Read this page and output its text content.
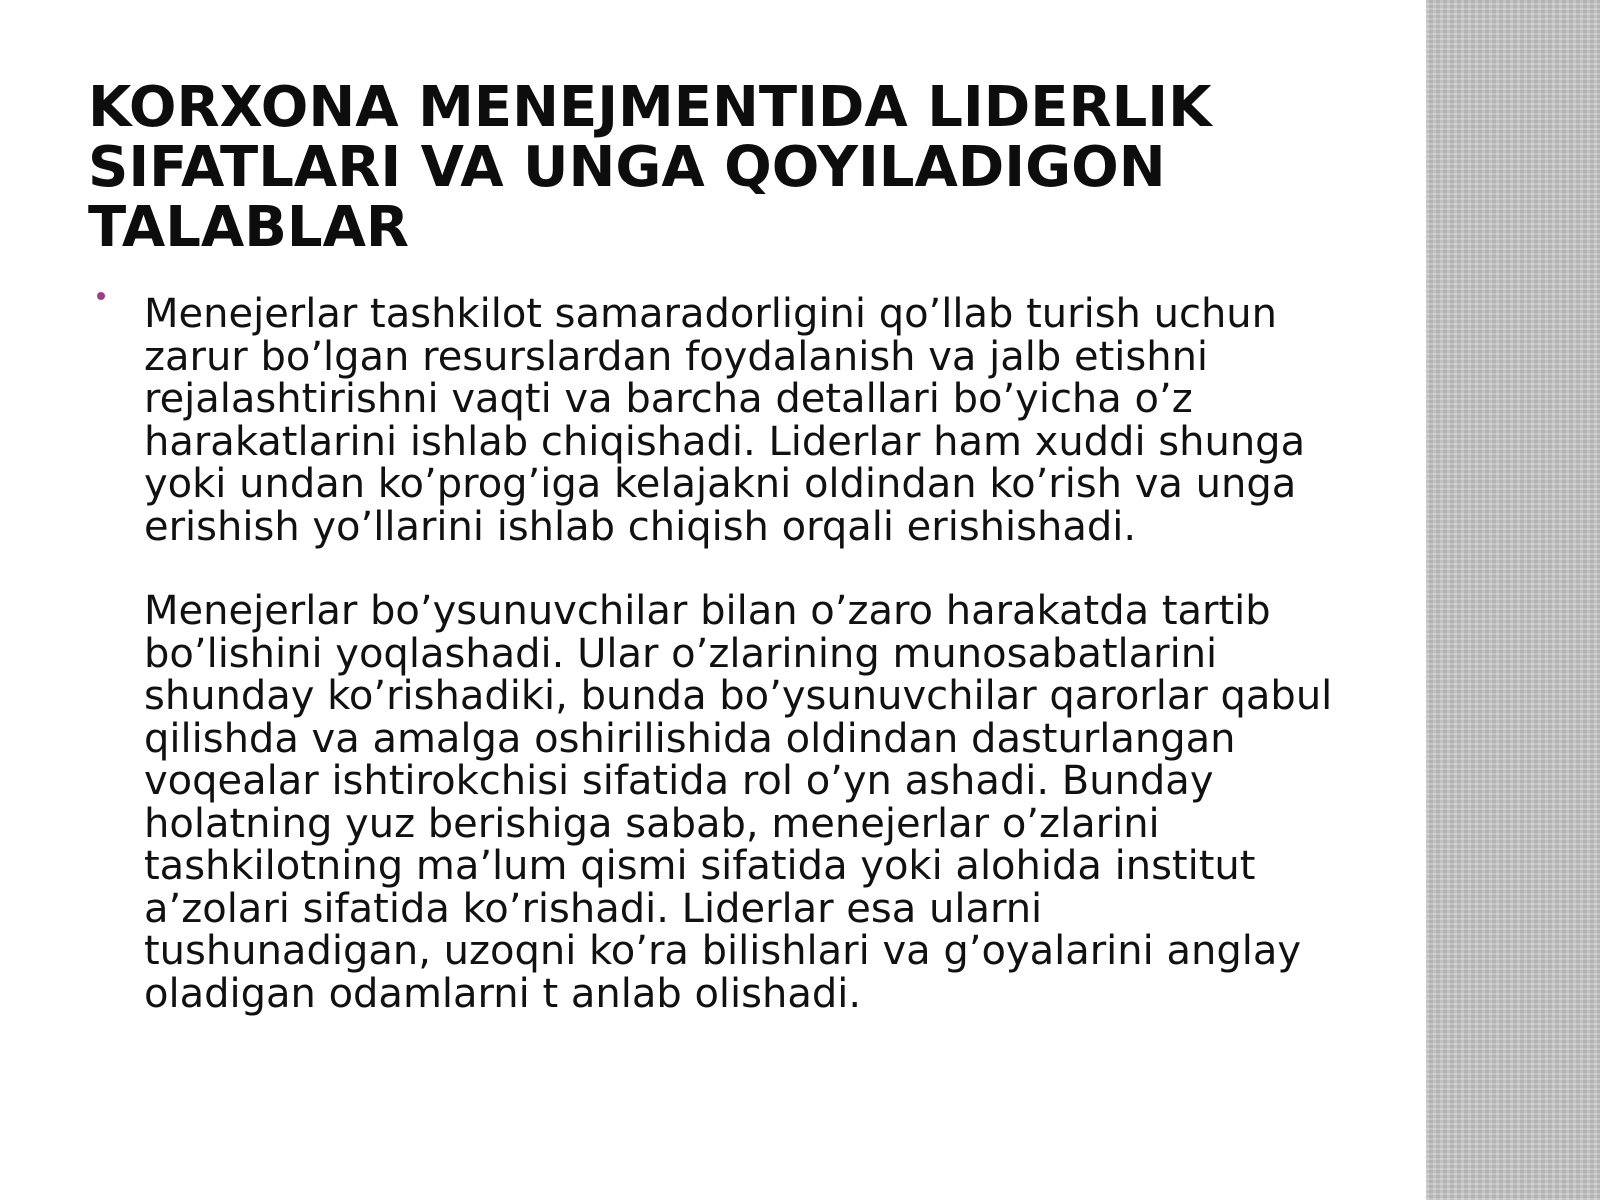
KORXONA MENEJMENTIDA LIDERLIK SIFATLARI VA UNGA QOYILADIGON TALABLAR

Menejerlar tashkilot samaradorligini qo’llab turish uchun zarur bo’lgan resurslardan foydalanish va jalb etishni rejalashtirishni vaqti va barcha detallari bo’yicha o’z harakatlarini ishlab chiqishadi. Liderlar ham xuddi shunga yoki undan ko’prog’iga kelajakni oldindan ko’rish va unga erishish yo’llarini ishlab chiqish orqali erishishadi.

Menejerlar bo’ysunuvchilar bilan o’zaro harakatda tartib bo’lishini yoqlashadi. Ular o’zlarining munosabatlarini shunday ko’rishadiki, bunda bo’ysunuvchilar qarorlar qabul qilishda va amalga oshirilishida oldindan dasturlangan voqealar ishtirokchisi sifatida rol o’yn ashadi. Bunday holatning yuz berishiga sabab, menejerlar o’zlarini tashkilotning ma’lum qismi sifatida yoki alohida institut a’zolari sifatida ko’rishadi. Liderlar esa ularni tushunadigan, uzoqni ko’ra bilishlari va g’oyalarini anglay oladigan odamlarni t anlab olishadi.
